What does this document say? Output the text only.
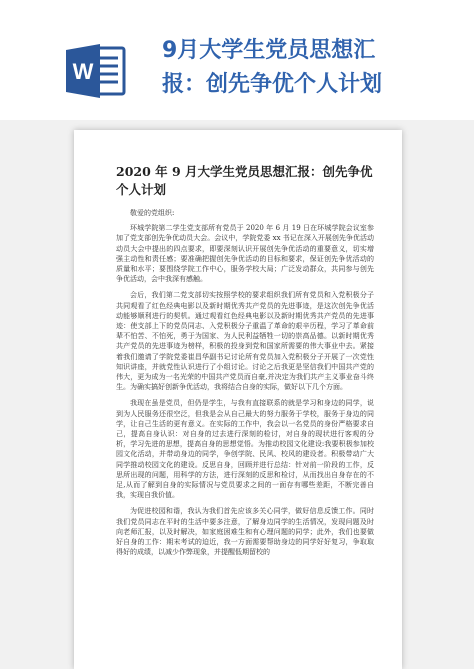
W
9月大学生党员思想汇
报：创先争优个人计划
2020 年 9 月大学生党员思想汇报：创先争优个人计划

敬爱的党组织:

环城学院第二学生党支部所有党员于 2020 年 6 月 19 日在环城学院会议室参加了党支部创先争优动员大会。会议中，学院党委 xx 书记在深入开展创先争优活动动员大会中提出的四点要求，即要深刻认识开展创先争优活动的重要意义，切实增强主动性和责任感；要准确把握创先争优活动的目标和要求，保证创先争优活动的质量和水平；要围绕学院工作中心，服务学校大局；广泛发动群众，共同参与创先争优活动，会中我深有感触。

会后，我们第二党支部切实按照学校的要求组织我们所有党员和入党积极分子共同观看了红色经典电影以及新时期优秀共产党员的先进事迹，是这次创先争优活动能够顺利进行的契机。通过观看红色经典电影以及新时期优秀共产党员的先进事迹：使支部上下的党员同志、入党积极分子重温了革命的艰辛历程，学习了革命前辈不怕苦、不怕死，勇于为国家、为人民利益牺牲一切的崇高品德。以新时期优秀共产党员的先进事迹为榜样，积极的投身到党和国家所需要的伟大事业中去。紧接着我们邀请了学院党委崔昌华副书记讨论所有党员加入党积极分子开展了一次党性知识讲座，并就党性认识进行了小组讨论。讨论之后我更是坚信我们中国共产党的伟大，更为成为一名光荣的中国共产党员而自豪,并决定为我们共产主义事业奋斗终生。为确实搞好创新争优活动，我将结合自身的实际，做好以下几个方面。

我现在虽是党员，但仍是学生，与我有直接联系的就是学习和身边的同学，说到为人民服务还很空泛，但我是会从自己最大的努力服务于学校，服务于身边的同学，让自己生活的更有意义。在实际的工作中，我会以一名党员的身份严格要求自己，提高自身认识：对自身的过去进行深刻的检讨，对自身的现状进行客观的分析，学习先进的思想，提高自身的思想觉悟。为推动校园文化建设:我要积极参加校园文化活动，并带动身边的同学，争创学院、民风、校风的建设者。积极带动广大同学推动校园文化的建设。反思自身，回顾并进行总结：针对前一阶段的工作，反思所出现的问题，用科学的方法，进行深刻的反思和检讨，从而找出自身存在的不足,从而了解到自身的实际情况与党员要求之间的一面存有哪些差距，不断完善自我，实现自我价值。

为促进校园和谐，我认为我们首先应该多关心同学，做好信息反馈工作。同时我们党员同志在平时的生活中要多注意，了解身边同学的生活情况，发现问题及时向老师汇报，以及时解决，如家庭困难生和有心理问题的同学；此外，我们也要做好自身的工作：期末考试的迫近，我一方面需要帮助身边的同学好好复习，争取取得好的成绩，以减少作弊现象，并提醒低期留校的
